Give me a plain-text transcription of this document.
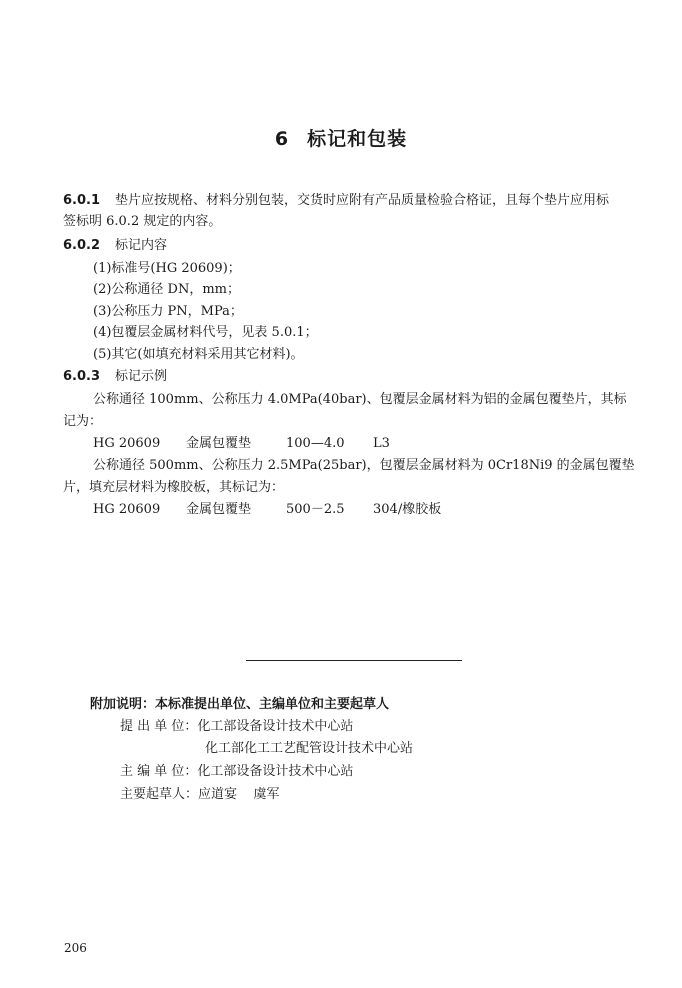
6 标记和包装
6.0.1 垫片应按规格、材料分别包装，交货时应附有产品质量检验合格证，且每个垫片应用标
签标明 6.0.2 规定的内容。
6.0.2 标记内容
(1)标准号(HG 20609)；
(2)公称通径 DN，mm；
(3)公称压力 PN，MPa；
(4)包覆层金属材料代号，见表 5.0.1；
(5)其它(如填充材料采用其它材料)。
6.0.3 标记示例
公称通径 100mm、公称压力 4.0MPa(40bar)、包覆层金属材料为铝的金属包覆垫片，其标
记为：
HG 20609 金属包覆垫	100—4.0 L3
公称通径 500mm、公称压力 2.5MPa(25bar)，包覆层金属材料为 0Cr18Ni9 的金属包覆垫
片，填充层材料为橡胶板，其标记为：
HG 20609 金属包覆垫	500－2.5 304/橡胶板
附加说明：本标准提出单位、主编单位和主要起草人
提 出 单 位：化工部设备设计技术中心站
化工部化工工艺配管设计技术中心站
主 编 单 位：化工部设备设计技术中心站
主要起草人：应道宴    虞军
206
